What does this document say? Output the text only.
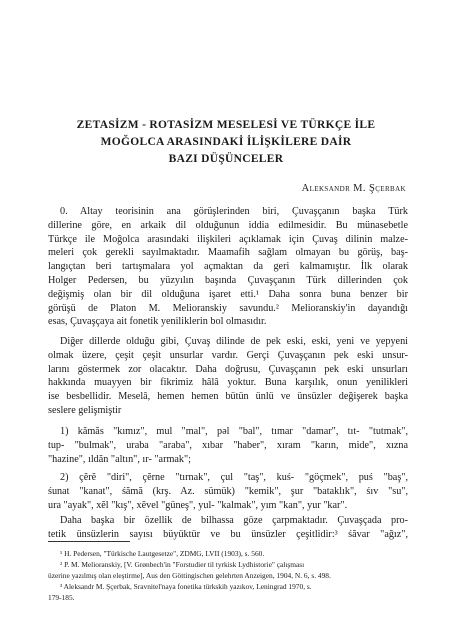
ZETASİZM - ROTASİZM MESELESİ VE TÜRKÇE İLE
MOĞOLCA ARASINDAKİ İLİŞKİLERE DAİR
BAZI DÜŞÜNCELER
Aleksandr M. Şçerbak
0. Altay teorisinin ana görüşlerinden biri, Çuvaşçanın başka Türk
dillerine göre, en arkaik dil olduğunun iddia edilmesidir. Bu münasebetle
Türkçe ile Moğolca arasındaki ilişkileri açıklamak için Çuvaş dilinin malze-
meleri çok gerekli sayılmaktadır. Maamafih sağlam olmayan bu görüş, baş-
langıçtan beri tartışmalara yol açmaktan da geri kalmamıştır. İlk olarak
Holger Pedersen, bu yüzyılın başında Çuvaşçanın Türk dillerinden çok
değişmiş olan bir dil olduğuna işaret etti.¹ Daha sonra buna benzer bir
görüşü de Platon M. Melioranskiy savundu.² Melioranskiy'in dayandığı
esas, Çuvaşçaya ait fonetik yeniliklerin bol olmasıdır.
Diğer dillerde olduğu gibi, Çuvaş dilinde de pek eski, eski, yeni ve yepyeni
olmak üzere, çeşit çeşit unsurlar vardır. Gerçi Çuvaşçanın pek eski unsur-
larını göstermek zor olacaktır. Daha doğrusu, Çuvaşçanın pek eski unsurları
hakkında muayyen bir fikrimiz hâlâ yoktur. Buna karşılık, onun yenilikleri
ise besbellidir. Meselâ, hemen hemen bütün ünlü ve ünsüzler değişerek başka
seslere gelişmiştir
1) kămăs "kımız", mul "mal", pəl "bal", tımar "damar", tıt- "tutmak",
tup- "bulmak", uraba "araba", xıbar "haber", xıram "karın, mide", xızna
"hazine", ıldăn "altın", ır- "armak";
2) çĕrĕ "diri", çĕrne "tırnak", çul "taş", kuś- "göçmek", puś "baş",
śunat "kanat", śămă (krş. Az. sümük) "kemik", şur "bataklık", śıv "su",
ura "ayak", xĕl "kış", xĕvel "güneş", yul- "kalmak", yım "kan", yur "kar".
Daha başka bir özellik de bilhassa göze çarpmaktadır. Çuvaşçada pro-
tetik ünsüzlerin sayısı büyüktür ve bu ünsüzler çeşitlidir:³ śăvar "ağız",
¹ H. Pedersen, "Türkische Lautgesetze", ZDMG, LVII (1903), s. 560.
² P. M. Melioranskiy, [V. Grønbech'in "Forstudier til tyrkisk Lydhistorie" çalışması
üzerine yazılmış olan eleştirme], Aus den Göttingischen gelehrten Anzeigen, 1904, N. 6, s. 498.
³ Aleksandr M. Şçerbak, Sravnitel'naya fonetika türkskih yazıkov, Leningrad 1970, s.
179-185.
